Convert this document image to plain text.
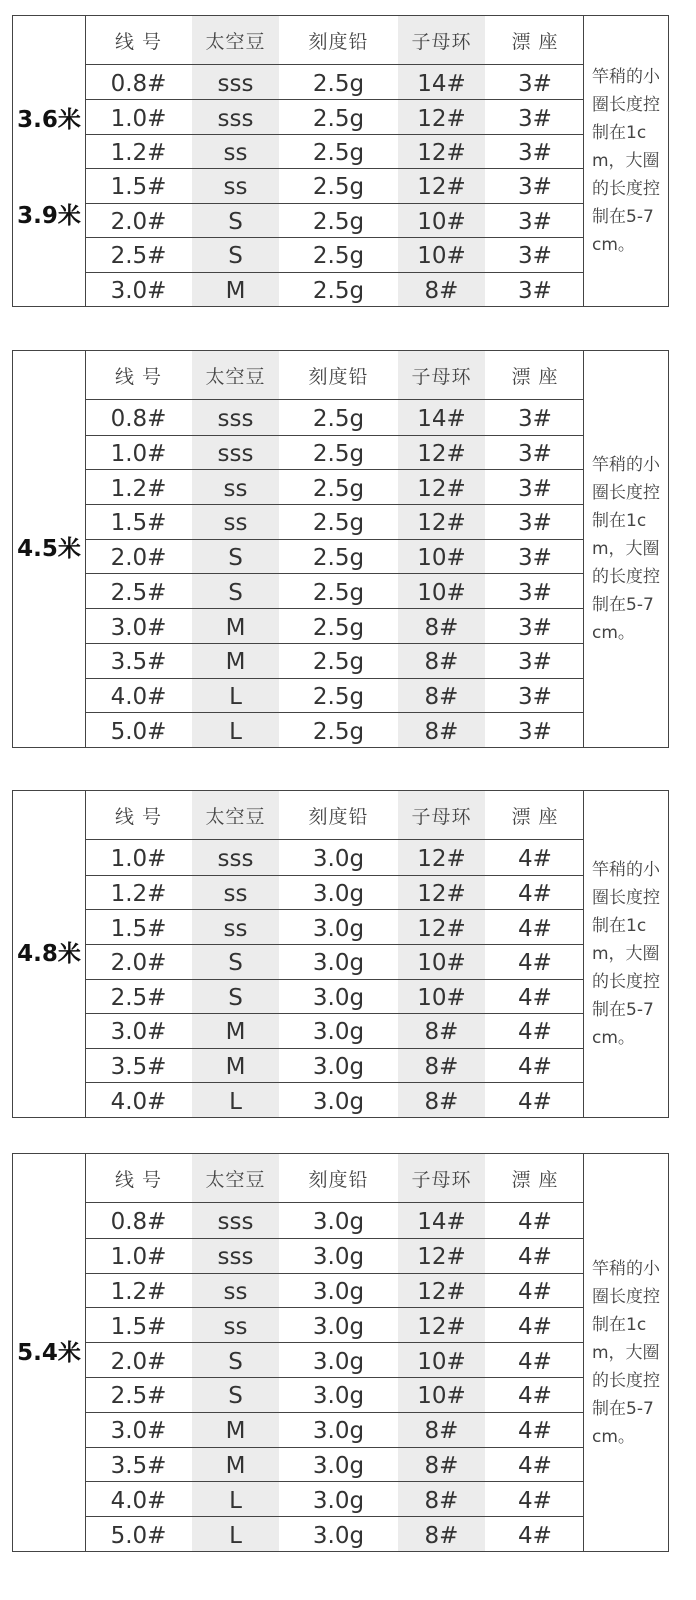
3.6米
3.9米
线 号	太空豆	刻度铅	子母环	漂 座
0.8#	sss	2.5g	14#	3#
1.0#	sss	2.5g	12#	3#
1.2#	ss	2.5g	12#	3#
1.5#	ss	2.5g	12#	3#
2.0#	S	2.5g	10#	3#
2.5#	S	2.5g	10#	3#
3.0#	M	2.5g	8#	3#
竿稍的小圈长度控制在1cm，大圈的长度控制在5-7cm。
4.5米
线 号	太空豆	刻度铅	子母环	漂 座
0.8#	sss	2.5g	14#	3#
1.0#	sss	2.5g	12#	3#
1.2#	ss	2.5g	12#	3#
1.5#	ss	2.5g	12#	3#
2.0#	S	2.5g	10#	3#
2.5#	S	2.5g	10#	3#
3.0#	M	2.5g	8#	3#
3.5#	M	2.5g	8#	3#
4.0#	L	2.5g	8#	3#
5.0#	L	2.5g	8#	3#
竿稍的小圈长度控制在1cm，大圈的长度控制在5-7cm。
4.8米
线 号	太空豆	刻度铅	子母环	漂 座
1.0#	sss	3.0g	12#	4#
1.2#	ss	3.0g	12#	4#
1.5#	ss	3.0g	12#	4#
2.0#	S	3.0g	10#	4#
2.5#	S	3.0g	10#	4#
3.0#	M	3.0g	8#	4#
3.5#	M	3.0g	8#	4#
4.0#	L	3.0g	8#	4#
竿稍的小圈长度控制在1cm，大圈的长度控制在5-7cm。
5.4米
线 号	太空豆	刻度铅	子母环	漂 座
0.8#	sss	3.0g	14#	4#
1.0#	sss	3.0g	12#	4#
1.2#	ss	3.0g	12#	4#
1.5#	ss	3.0g	12#	4#
2.0#	S	3.0g	10#	4#
2.5#	S	3.0g	10#	4#
3.0#	M	3.0g	8#	4#
3.5#	M	3.0g	8#	4#
4.0#	L	3.0g	8#	4#
5.0#	L	3.0g	8#	4#
竿稍的小圈长度控制在1cm，大圈的长度控制在5-7cm。
